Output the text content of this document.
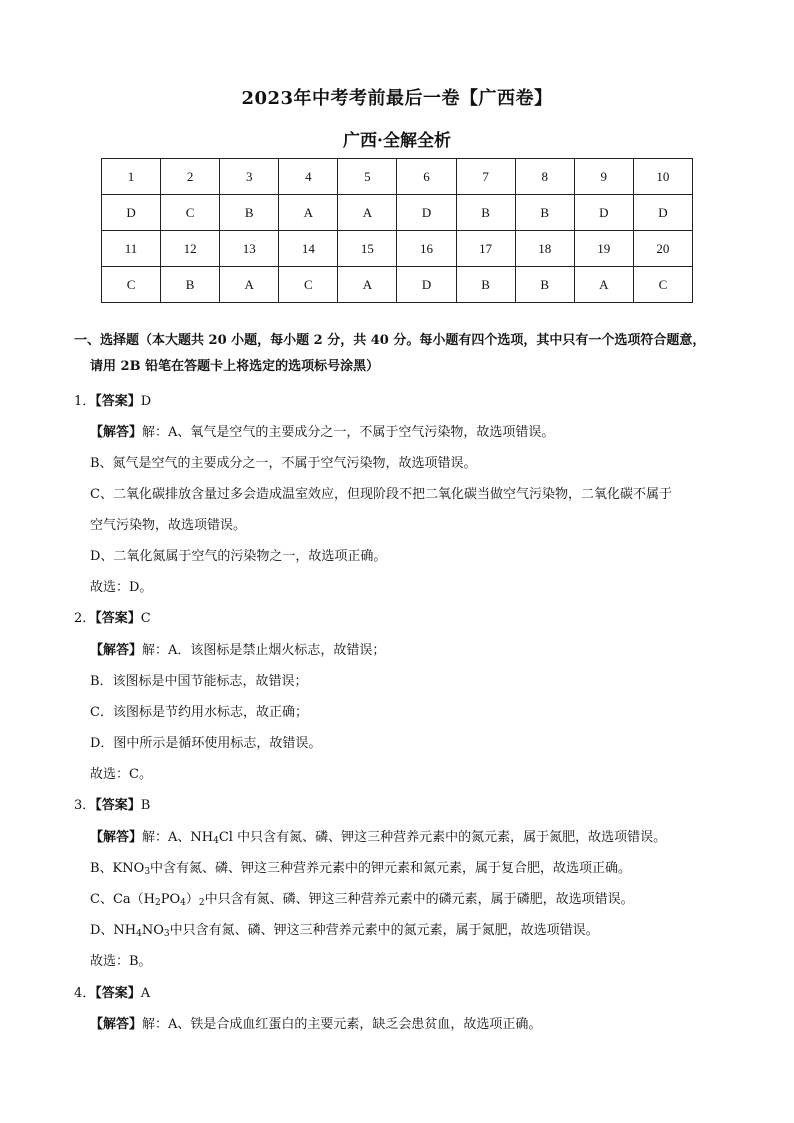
2023年中考考前最后一卷【广西卷】
广西·全解全析
1	2	3	4	5	6	7	8	9	10
D	C	B	A	A	D	B	B	D	D
11	12	13	14	15	16	17	18	19	20
C	B	A	C	A	D	B	B	A	C
一、选择题（本大题共 20 小题，每小题 2 分，共 40 分。每小题有四个选项，其中只有一个选项符合题意，
请用 2B 铅笔在答题卡上将选定的选项标号涂黑）
1．【答案】D
【解答】解：A、氧气是空气的主要成分之一，不属于空气污染物，故选项错误。
B、氮气是空气的主要成分之一，不属于空气污染物，故选项错误。
C、二氧化碳排放含量过多会造成温室效应，但现阶段不把二氧化碳当做空气污染物，二氧化碳不属于
空气污染物，故选项错误。
D、二氧化氮属于空气的污染物之一，故选项正确。
故选：D。
2．【答案】C
【解答】解：A．该图标是禁止烟火标志，故错误；
B．该图标是中国节能标志，故错误；
C．该图标是节约用水标志，故正确；
D．图中所示是循环使用标志，故错误。
故选：C。
3．【答案】B
【解答】解：A、$NH_4Cl$ 中只含有氮、磷、钾这三种营养元素中的氮元素，属于氮肥，故选项错误。
B、$KNO_3$中含有氮、磷、钾这三种营养元素中的钾元素和氮元素，属于复合肥，故选项正确。
C、$Ca(H_2PO_4)_2$中只含有氮、磷、钾这三种营养元素中的磷元素，属于磷肥，故选项错误。
D、$NH_4NO_3$中只含有氮、磷、钾这三种营养元素中的氮元素，属于氮肥，故选项错误。
故选：B。
4．【答案】A
【解答】解：A、铁是合成血红蛋白的主要元素，缺乏会患贫血，故选项正确。
